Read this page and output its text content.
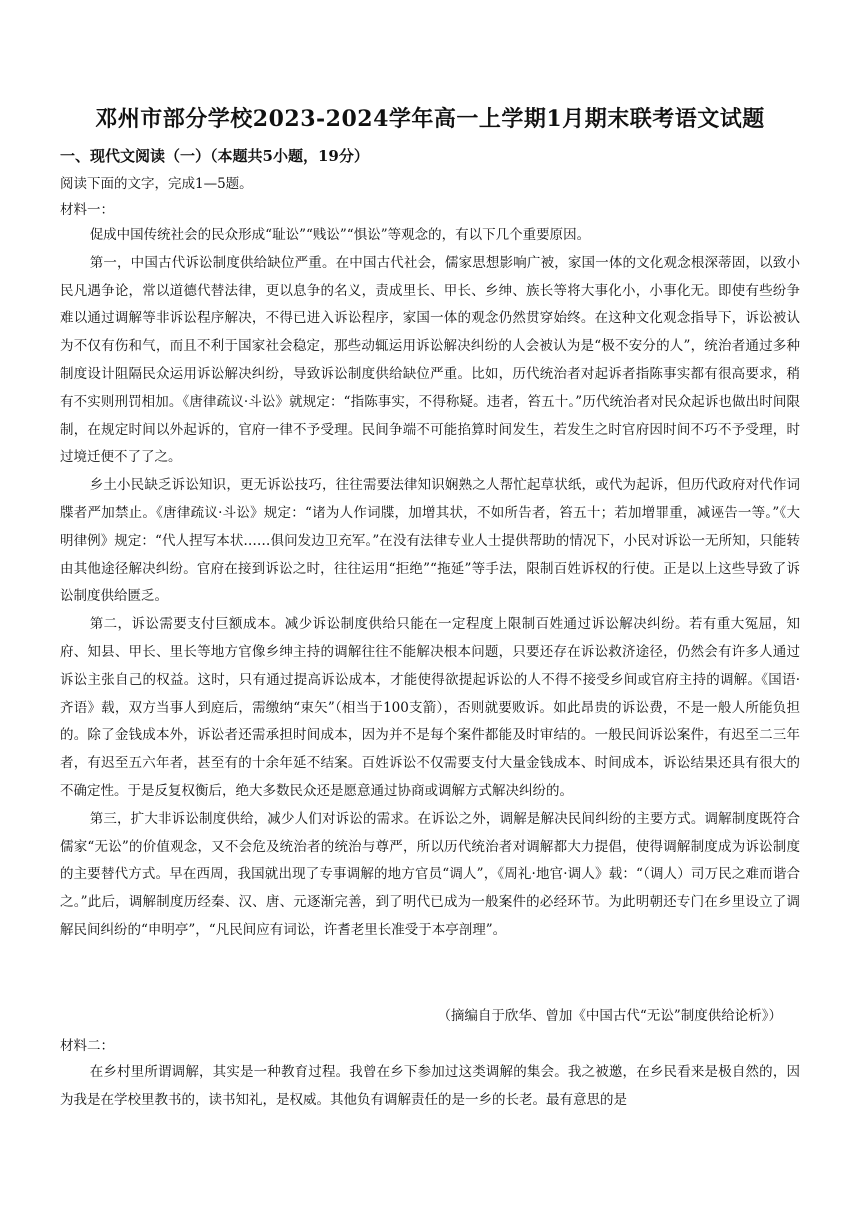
邓州市部分学校2023-2024学年高一上学期1月期末联考语文试题
一、现代文阅读（一）（本题共5小题，19分）
阅读下面的文字，完成1—5题。
材料一：

促成中国传统社会的民众形成“耻讼”“贱讼”“惧讼”等观念的，有以下几个重要原因。

第一，中国古代诉讼制度供给缺位严重。在中国古代社会，儒家思想影响广被，家国一体的文化观念根深蒂固，以致小民凡遇争论，常以道德代替法律，更以息争的名义，责成里长、甲长、乡绅、族长等将大事化小，小事化无。即使有些纷争难以通过调解等非诉讼程序解决，不得已进入诉讼程序，家国一体的观念仍然贯穿始终。在这种文化观念指导下，诉讼被认为不仅有伤和气，而且不利于国家社会稳定，那些动辄运用诉讼解决纠纷的人会被认为是“极不安分的人”，统治者通过多种制度设计阻隔民众运用诉讼解决纠纷，导致诉讼制度供给缺位严重。比如，历代统治者对起诉者指陈事实都有很高要求，稍有不实则刑罚相加。《唐律疏议·斗讼》就规定：“指陈事实，不得称疑。违者，笞五十。”历代统治者对民众起诉也做出时间限制，在规定时间以外起诉的，官府一律不予受理。民间争端不可能掐算时间发生，若发生之时官府因时间不巧不予受理，时过境迁便不了了之。

乡土小民缺乏诉讼知识，更无诉讼技巧，往往需要法律知识娴熟之人帮忙起草状纸，或代为起诉，但历代政府对代作词牒者严加禁止。《唐律疏议·斗讼》规定：“诸为人作词牒，加增其状，不如所告者，笞五十；若加增罪重，减诬告一等。”《大明律例》规定：“代人捏写本状……俱问发边卫充军。”在没有法律专业人士提供帮助的情况下，小民对诉讼一无所知，只能转由其他途径解决纠纷。官府在接到诉讼之时，往往运用“拒绝”“拖延”等手法，限制百姓诉权的行使。正是以上这些导致了诉讼制度供给匮乏。

第二，诉讼需要支付巨额成本。减少诉讼制度供给只能在一定程度上限制百姓通过诉讼解决纠纷。若有重大冤屈，知府、知县、甲长、里长等地方官像乡绅主持的调解往往不能解决根本问题，只要还存在诉讼救济途径，仍然会有许多人通过诉讼主张自己的权益。这时，只有通过提高诉讼成本，才能使得欲提起诉讼的人不得不接受乡间或官府主持的调解。《国语·齐语》载，双方当事人到庭后，需缴纳“束矢”（相当于100支箭），否则就要败诉。如此昂贵的诉讼费，不是一般人所能负担的。除了金钱成本外，诉讼者还需承担时间成本，因为并不是每个案件都能及时审结的。一般民间诉讼案件，有迟至二三年者，有迟至五六年者，甚至有的十余年延不结案。百姓诉讼不仅需要支付大量金钱成本、时间成本，诉讼结果还具有很大的不确定性。于是反复权衡后，绝大多数民众还是愿意通过协商或调解方式解决纠纷的。

第三，扩大非诉讼制度供给，减少人们对诉讼的需求。在诉讼之外，调解是解决民间纠纷的主要方式。调解制度既符合儒家“无讼”的价值观念，又不会危及统治者的统治与尊严，所以历代统治者对调解都大力提倡，使得调解制度成为诉讼制度的主要替代方式。早在西周，我国就出现了专事调解的地方官员“调人”，《周礼·地官·调人》载：“（调人）司万民之难而谐合之。”此后，调解制度历经秦、汉、唐、元逐渐完善，到了明代已成为一般案件的必经环节。为此明朝还专门在乡里设立了调解民间纠纷的“申明亭”，“凡民间应有词讼，许耆老里长准受于本亭剖理”。

（摘编自于欣华、曾加《中国古代“无讼”制度供给论析》）
材料二：

在乡村里所谓调解，其实是一种教育过程。我曾在乡下参加过这类调解的集会。我之被邀，在乡民看来是极自然的，因为我是在学校里教书的，读书知礼，是权威。其他负有调解责任的是一乡的长老。最有意思的是
